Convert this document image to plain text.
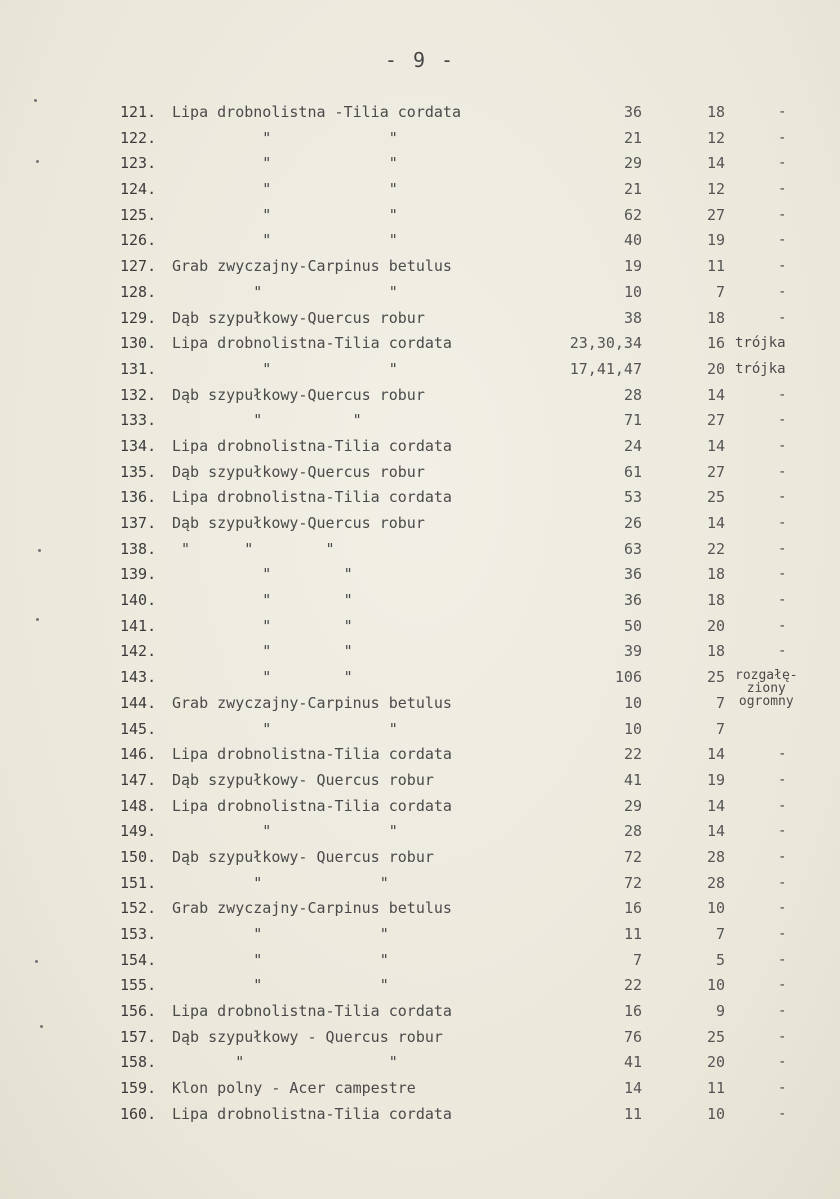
- 9 -
121. Lipa drobnolistna -Tilia cordata	36	18	-
122. "             "	21	12	-
123. "             "	29	14	-
124. "             "	21	12	-
125. "             "	62	27	-
126. "             "	40	19	-
127. Grab zwyczajny-Carpinus betulus	19	11	-
128. "              "	10	7	-
129. Dąb szypułkowy-Quercus robur	38	18	-
130. Lipa drobnolistna-Tilia cordata	23,30,34	16 trójka
131. "             "	17,41,47	20 trójka
132. Dąb szypułkowy-Quercus robur	28	14	-
133. "          "	71	27	-
134. Lipa drobnolistna-Tilia cordata	24	14	-
135. Dąb szypułkowy-Quercus robur	61	27	-
136. Lipa drobnolistna-Tilia cordata	53	25	-
137. Dąb szypułkowy-Quercus robur	26	14	-
138. "      "        "	63	22	-
139. "        "	36	18	-
140. "        "	36	18	-
141. "        "	50	20	-
142. "        "	39	18	-
143. "        "	106	25 rozgałę-
ziony
ogromny
144. Grab zwyczajny-Carpinus betulus	10	7
145. "             "	10	7
146. Lipa drobnolistna-Tilia cordata	22	14	-
147. Dąb szypułkowy- Quercus robur	41	19	-
148. Lipa drobnolistna-Tilia cordata	29	14	-
149. "             "	28	14	-
150. Dąb szypułkowy- Quercus robur	72	28	-
151. "             "	72	28	-
152. Grab zwyczajny-Carpinus betulus	16	10	-
153. "             "	11	7	-
154. "             "	7	5	-
155. "             "	22	10	-
156. Lipa drobnolistna-Tilia cordata	16	9	-
157. Dąb szypułkowy - Quercus robur	76	25	-
158. "                "	41	20	-
159. Klon polny - Acer campestre	14	11	-
160. Lipa drobnolistna-Tilia cordata	11	10	-
